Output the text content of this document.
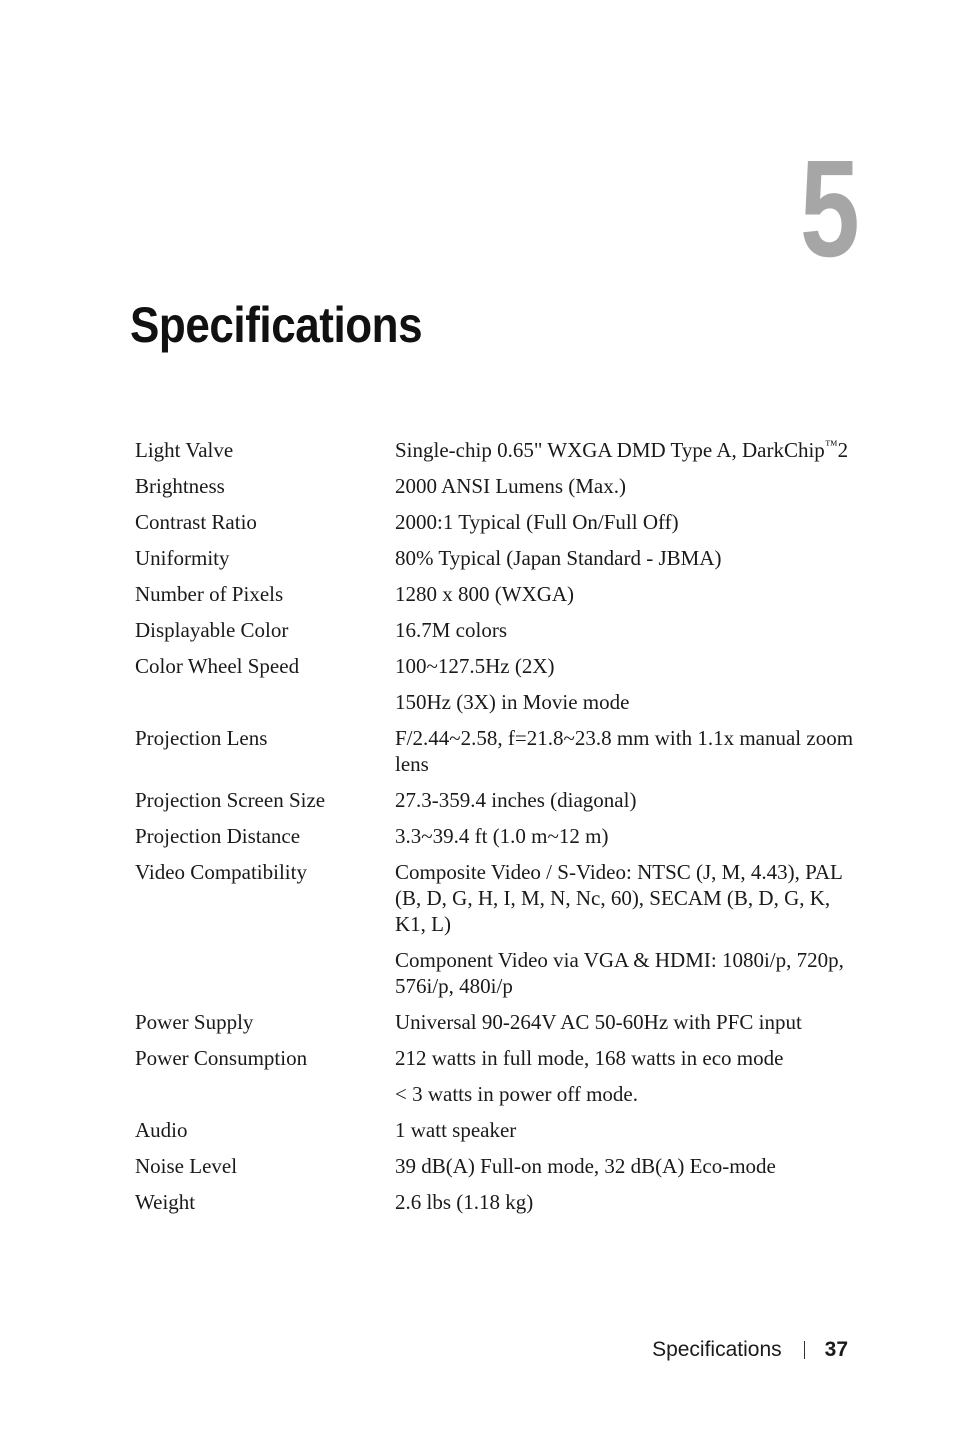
5
Specifications
Light Valve	Single-chip 0.65" WXGA DMD Type A, DarkChip™2
Brightness	2000 ANSI Lumens (Max.)
Contrast Ratio	2000:1 Typical (Full On/Full Off)
Uniformity	80% Typical (Japan Standard - JBMA)
Number of Pixels	1280 x 800 (WXGA)
Displayable Color	16.7M colors
Color Wheel Speed	100~127.5Hz (2X)
150Hz (3X) in Movie mode
Projection Lens	F/2.44~2.58, f=21.8~23.8 mm with 1.1x manual zoom lens
Projection Screen Size	27.3-359.4 inches (diagonal)
Projection Distance	3.3~39.4 ft (1.0 m~12 m)
Video Compatibility	Composite Video / S-Video: NTSC (J, M, 4.43), PAL (B, D, G, H, I, M, N, Nc, 60), SECAM (B, D, G, K, K1, L)
Component Video via VGA & HDMI: 1080i/p, 720p, 576i/p, 480i/p
Power Supply	Universal 90-264V AC 50-60Hz with PFC input
Power Consumption	212 watts in full mode, 168 watts in eco mode
< 3 watts in power off mode.
Audio	1 watt speaker
Noise Level	39 dB(A) Full-on mode, 32 dB(A) Eco-mode
Weight	2.6 lbs (1.18 kg)
Specifications 37
